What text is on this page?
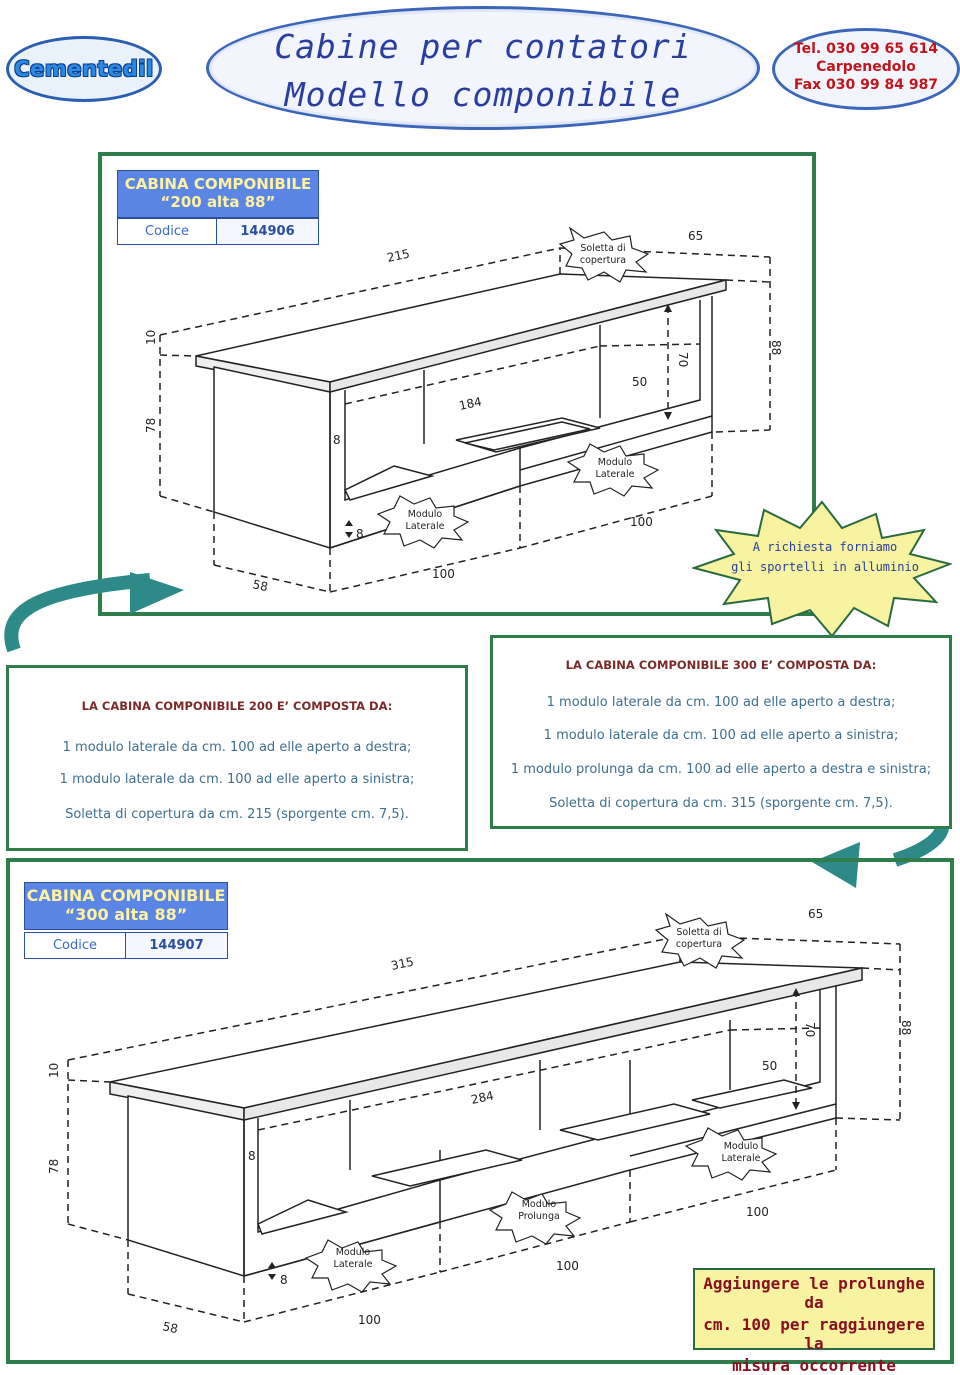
Cementedil
Cabine per contatori
Modello componibile
Tel. 030 99 65 614
Carpenedolo
Fax 030 99 84 987
CABINA COMPONIBILE
“200 alta 88”
Codice	144906
215
65
10
78
184
50
70
88
8
8
100
100
58
Soletta di copertura
Modulo Laterale
Modulo Laterale
A richiesta forniamo
gli sportelli in alluminio
LA CABINA COMPONIBILE 200 E’ COMPOSTA DA:
1 modulo laterale da cm. 100 ad elle aperto a destra;
1 modulo laterale da cm. 100 ad elle aperto a sinistra;
Soletta di copertura da cm. 215 (sporgente cm. 7,5).
LA CABINA COMPONIBILE 300 E’ COMPOSTA DA:
1 modulo laterale da cm. 100 ad elle aperto a destra;
1 modulo laterale da cm. 100 ad elle aperto a sinistra;
1 modulo prolunga da cm. 100 ad elle aperto a destra e sinistra;
Soletta di copertura da cm. 315 (sporgente cm. 7,5).
CABINA COMPONIBILE
“300 alta 88”
Codice	144907
315
65
10
78
284
50
70	88
8
8
100
100
100
58
Soletta di copertura
Modulo Laterale
Modulo Prolunga
Modulo Laterale
Aggiungere le prolunghe da
cm. 100 per raggiungere la
misura occorrente
